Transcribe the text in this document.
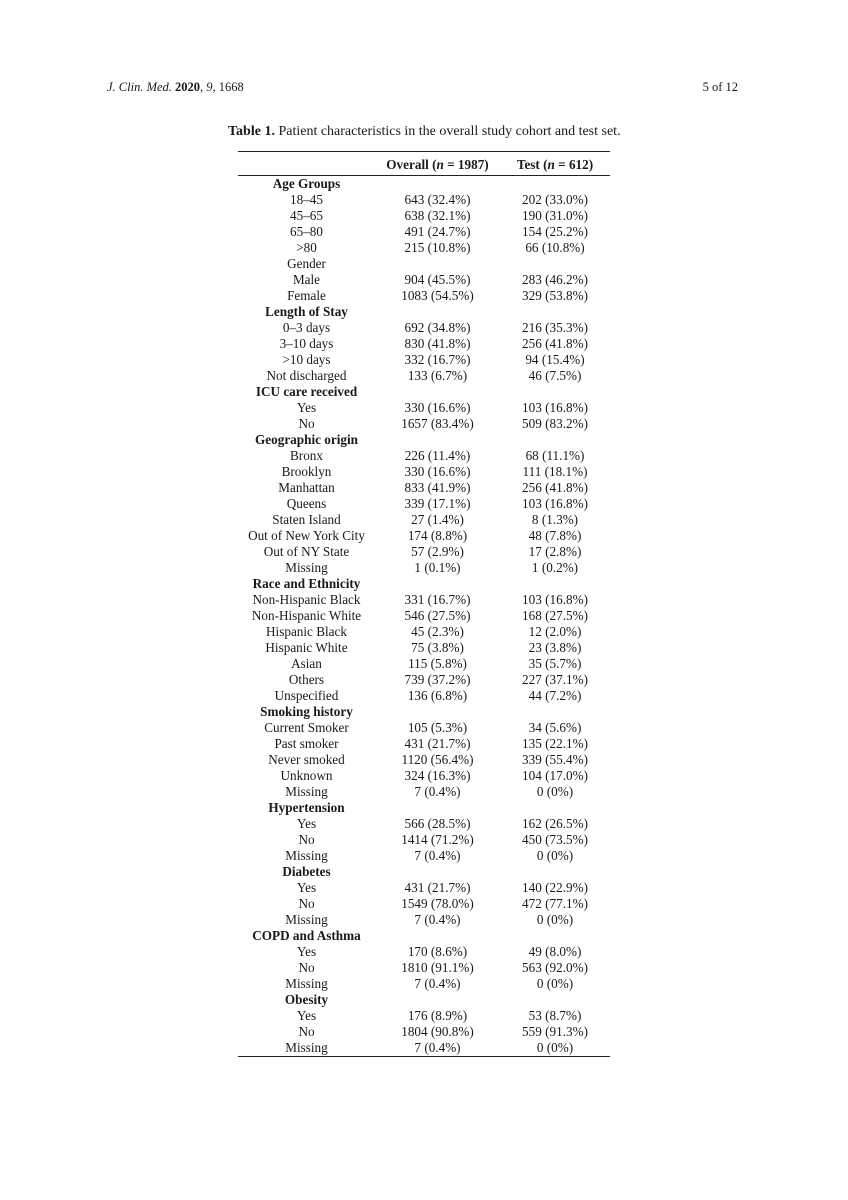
J. Clin. Med. 2020, 9, 1668	5 of 12
Table 1. Patient characteristics in the overall study cohort and test set.
	Overall (n = 1987)	Test (n = 612)
Age Groups		
18–45	643 (32.4%)	202 (33.0%)
45–65	638 (32.1%)	190 (31.0%)
65–80	491 (24.7%)	154 (25.2%)
>80	215 (10.8%)	66 (10.8%)
Gender		
Male	904 (45.5%)	283 (46.2%)
Female	1083 (54.5%)	329 (53.8%)
Length of Stay		
0–3 days	692 (34.8%)	216 (35.3%)
3–10 days	830 (41.8%)	256 (41.8%)
>10 days	332 (16.7%)	94 (15.4%)
Not discharged	133 (6.7%)	46 (7.5%)
ICU care received		
Yes	330 (16.6%)	103 (16.8%)
No	1657 (83.4%)	509 (83.2%)
Geographic origin		
Bronx	226 (11.4%)	68 (11.1%)
Brooklyn	330 (16.6%)	111 (18.1%)
Manhattan	833 (41.9%)	256 (41.8%)
Queens	339 (17.1%)	103 (16.8%)
Staten Island	27 (1.4%)	8 (1.3%)
Out of New York City	174 (8.8%)	48 (7.8%)
Out of NY State	57 (2.9%)	17 (2.8%)
Missing	1 (0.1%)	1 (0.2%)
Race and Ethnicity		
Non-Hispanic Black	331 (16.7%)	103 (16.8%)
Non-Hispanic White	546 (27.5%)	168 (27.5%)
Hispanic Black	45 (2.3%)	12 (2.0%)
Hispanic White	75 (3.8%)	23 (3.8%)
Asian	115 (5.8%)	35 (5.7%)
Others	739 (37.2%)	227 (37.1%)
Unspecified	136 (6.8%)	44 (7.2%)
Smoking history		
Current Smoker	105 (5.3%)	34 (5.6%)
Past smoker	431 (21.7%)	135 (22.1%)
Never smoked	1120 (56.4%)	339 (55.4%)
Unknown	324 (16.3%)	104 (17.0%)
Missing	7 (0.4%)	0 (0%)
Hypertension		
Yes	566 (28.5%)	162 (26.5%)
No	1414 (71.2%)	450 (73.5%)
Missing	7 (0.4%)	0 (0%)
Diabetes		
Yes	431 (21.7%)	140 (22.9%)
No	1549 (78.0%)	472 (77.1%)
Missing	7 (0.4%)	0 (0%)
COPD and Asthma		
Yes	170 (8.6%)	49 (8.0%)
No	1810 (91.1%)	563 (92.0%)
Missing	7 (0.4%)	0 (0%)
Obesity		
Yes	176 (8.9%)	53 (8.7%)
No	1804 (90.8%)	559 (91.3%)
Missing	7 (0.4%)	0 (0%)
